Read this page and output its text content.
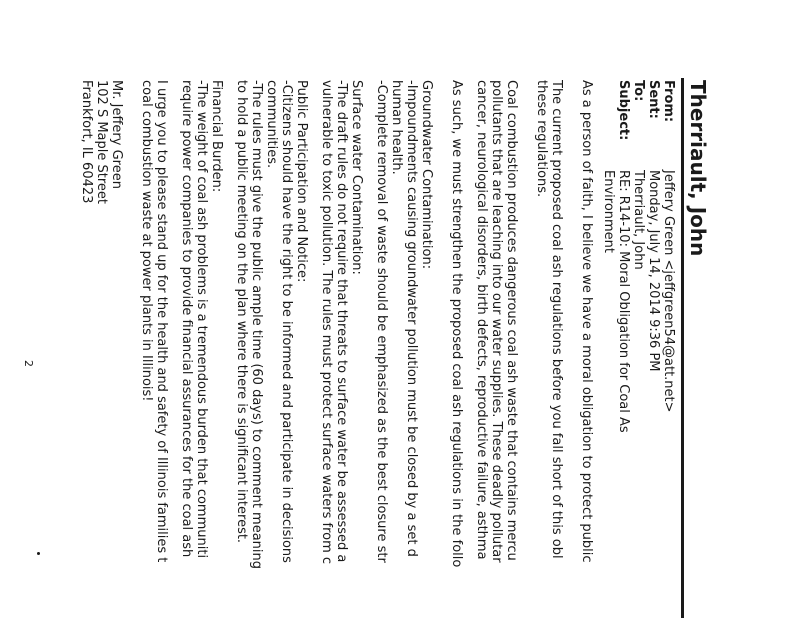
Therriault, John
From:
Jeffery Green <jeffgreen54@att.net>
Sent:
Monday, July 14, 2014 9:36 PM
To:
Therriault, John
Subject:
RE: R14-10: Moral Obligation for Coal As
Environment
As a person of faith, I believe we have a moral obligation to protect public
The current proposed coal ash regulations before you fall short of this obl
these regulations.
Coal combustion produces dangerous coal ash waste that contains mercu
pollutants that are leaching into our water supplies. These deadly pollutar
cancer, neurological disorders, birth defects, reproductive failure, asthma
As such, we must strengthen the proposed coal ash regulations in the follo
Groundwater Contamination:
-Impoundments causing groundwater pollution must be closed by a set d
human health.
-Complete removal of waste should be emphasized as the best closure str
Surface water Contamination:
-The draft rules do not require that threats to surface water be assessed a
vulnerable to toxic pollution. The rules must protect surface waters from c
Public Participation and Notice:
-Citizens should have the right to be informed and participate in decisions
communities.
-The rules must give the public ample time (60 days) to comment meaning
to hold a public meeting on the plan where there is significant interest.
Financial Burden:
-The weight of coal ash problems is a tremendous burden that communiti
require power companies to provide financial assurances for the coal ash
I urge you to please stand up for the health and safety of Illinois families t
coal combustion waste at power plants in Illinois!
Mr. Jeffery Green
102 S Maple Street
Frankfort, IL 60423
2
